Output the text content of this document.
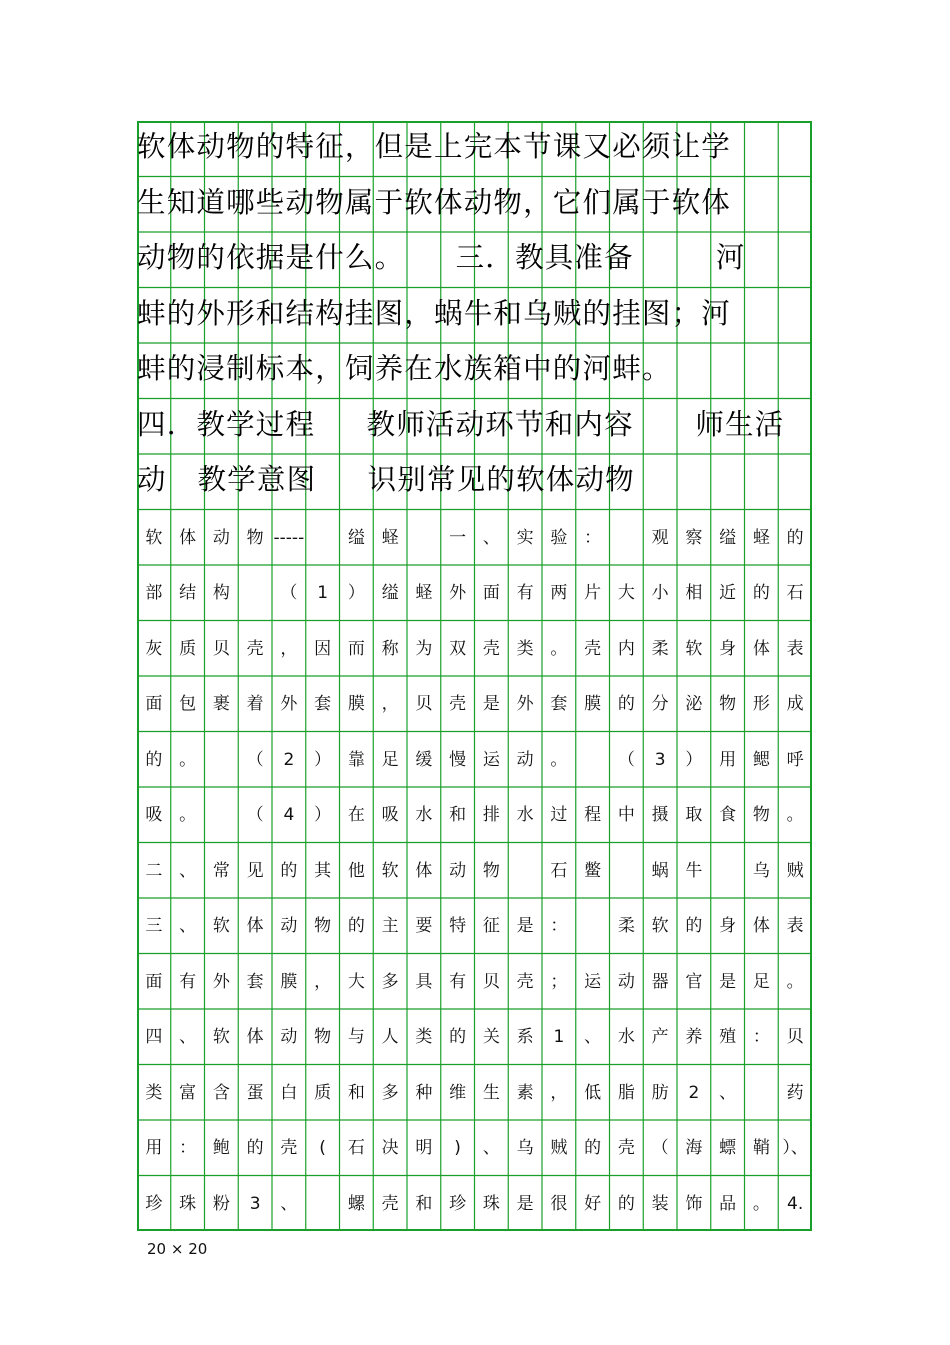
软体动物的特征，但是上完本节课又必须让学
生知道哪些动物属于软体动物，它们属于软体
动物的依据是什么。     三．教具准备        河
蚌的外形和结构挂图，蜗牛和乌贼的挂图；河
蚌的浸制标本，饲养在水族箱中的河蚌。
四．教学过程     教师活动环节和内容      师生活
动   教学意图     识别常见的软体动物
软 体 动 物 -----	缢 蛏	一 、 实 验 ：	观 察 缢 蛏 的
部 结 构	（	1	） 缢 蛏 外 面 有 两 片 大 小 相 近 的 石
灰 质 贝 壳 ， 因 而 称 为 双 壳 类 。 壳 内 柔 软 身 体 表
面 包 裹 着 外 套 膜 ， 贝 壳 是 外 套 膜 的 分 泌 物 形 成
的 。	（	2	） 靠 足 缓 慢 运 动 。	（	3	） 用 鳃 呼
吸 。	（	4	） 在 吸 水 和 排 水 过 程 中 摄 取 食 物 。
二 、 常 见 的 其 他 软 体 动 物	石 鳖	蜗 牛	乌 贼
三 、 软 体 动 物 的 主 要 特 征 是 ：	柔 软 的 身 体 表
面 有 外 套 膜 ， 大 多 具 有 贝 壳 ； 运 动 器 官 是 足 。
四 、 软 体 动 物 与 人 类 的 关 系	1	、 水 产 养 殖 ： 贝
类 富 含 蛋 白 质 和 多 种 维 生 素 ， 低 脂 肪	2	、	药
用 ： 鲍 的 壳	(	石 决 明	)	、 乌 贼 的 壳 （ 海 螵 鞘 ）、
珍 珠 粉	3	、	螺 壳 和 珍 珠 是 很 好 的 装 饰 品 。	4.
20 × 20
